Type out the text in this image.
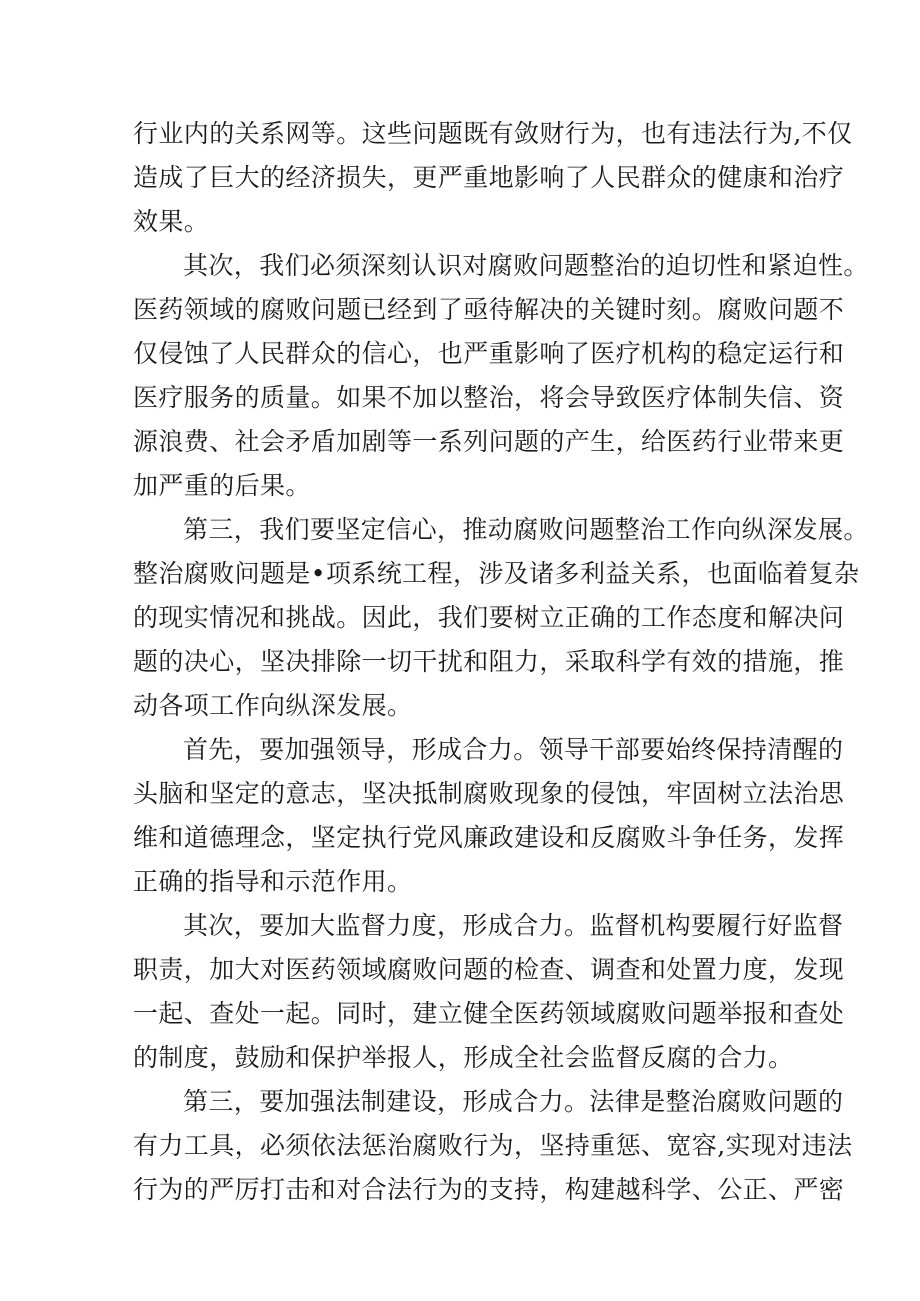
行业内的关系网等。这些问题既有敛财行为，也有违法行为,不仅
造成了巨大的经济损失，更严重地影响了人民群众的健康和治疗
效果。
其次，我们必须深刻认识对腐败问题整治的迫切性和紧迫性。
医药领域的腐败问题已经到了亟待解决的关键时刻。腐败问题不
仅侵蚀了人民群众的信心，也严重影响了医疗机构的稳定运行和
医疗服务的质量。如果不加以整治，将会导致医疗体制失信、资
源浪费、社会矛盾加剧等一系列问题的产生，给医药行业带来更
加严重的后果。
第三，我们要坚定信心，推动腐败问题整治工作向纵深发展。
整治腐败问题是•项系统工程，涉及诸多利益关系，也面临着复杂
的现实情况和挑战。因此，我们要树立正确的工作态度和解决问
题的决心，坚决排除一切干扰和阻力，采取科学有效的措施，推
动各项工作向纵深发展。
首先，要加强领导，形成合力。领导干部要始终保持清醒的
头脑和坚定的意志，坚决抵制腐败现象的侵蚀，牢固树立法治思
维和道德理念，坚定执行党风廉政建设和反腐败斗争任务，发挥
正确的指导和示范作用。
其次，要加大监督力度，形成合力。监督机构要履行好监督
职责，加大对医药领域腐败问题的检查、调查和处置力度，发现
一起、查处一起。同时，建立健全医药领域腐败问题举报和查处
的制度，鼓励和保护举报人，形成全社会监督反腐的合力。
第三，要加强法制建设，形成合力。法律是整治腐败问题的
有力工具，必须依法惩治腐败行为，坚持重惩、宽容,实现对违法
行为的严厉打击和对合法行为的支持，构建越科学、公正、严密
